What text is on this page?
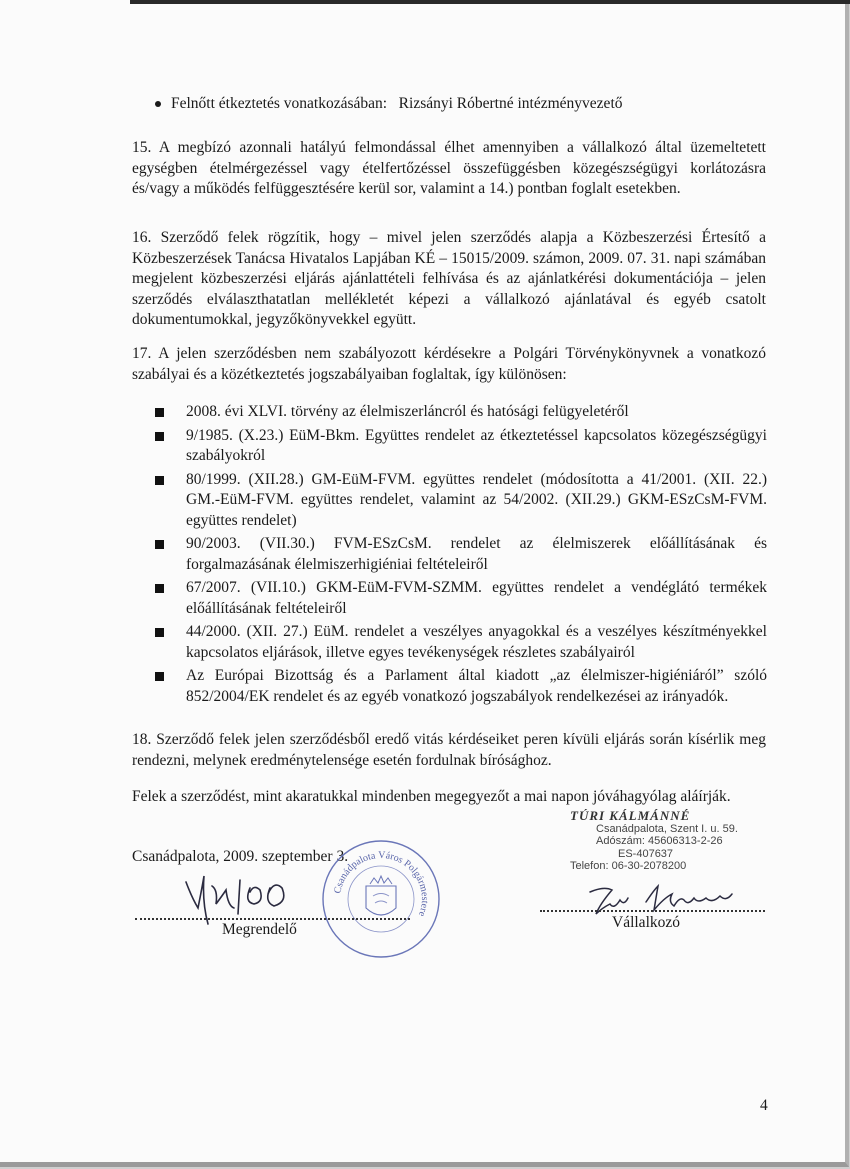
Felnőtt étkeztetés vonatkozásában:   Rizsányi Róbertné intézményvezető
15. A megbízó azonnali hatályú felmondással élhet amennyiben a vállalkozó által üzemeltetett egységben ételmérgezéssel vagy ételfertőzéssel összefüggésben közegészségügyi korlátozásra és/vagy a működés felfüggesztésére kerül sor, valamint a 14.) pontban foglalt esetekben.
16. Szerződő felek rögzítik, hogy – mivel jelen szerződés alapja a Közbeszerzési Értesítő a Közbeszerzések Tanácsa Hivatalos Lapjában KÉ – 15015/2009. számon, 2009. 07. 31. napi számában megjelent közbeszerzési eljárás ajánlattételi felhívása és az ajánlatkérési dokumentációja – jelen szerződés elválaszthatatlan mellékletét képezi a vállalkozó ajánlatával és egyéb csatolt dokumentumokkal, jegyzőkönyvekkel együtt.
17. A jelen szerződésben nem szabályozott kérdésekre a Polgári Törvénykönyvnek a vonatkozó szabályai és a közétkeztetés jogszabályaiban foglaltak, így különösen:
2008. évi XLVI. törvény az élelmiszerláncról és hatósági felügyeletéről
9/1985. (X.23.) EüM-Bkm. Együttes rendelet az étkeztetéssel kapcsolatos közegészségügyi szabályokról
80/1999. (XII.28.) GM-EüM-FVM. együttes rendelet (módosította a 41/2001. (XII. 22.) GM.-EüM-FVM. együttes rendelet, valamint az 54/2002. (XII.29.) GKM-ESzCsM-FVM. együttes rendelet)
90/2003. (VII.30.) FVM-ESzCsM. rendelet az élelmiszerek előállításának és forgalmazásának élelmiszerhigiéniai feltételeiről
67/2007. (VII.10.) GKM-EüM-FVM-SZMM. együttes rendelet a vendéglátó termékek előállításának feltételeiről
44/2000. (XII. 27.) EüM. rendelet a veszélyes anyagokkal és a veszélyes készítményekkel kapcsolatos eljárások, illetve egyes tevékenységek részletes szabályairól
Az Európai Bizottság és a Parlament által kiadott „az élelmiszer-higiéniáról” szóló 852/2004/EK rendelet és az egyéb vonatkozó jogszabályok rendelkezései az irányadók.
18. Szerződő felek jelen szerződésből eredő vitás kérdéseiket peren kívüli eljárás során kísérlik meg rendezni, melynek eredménytelensége esetén fordulnak bírósághoz.
Felek a szerződést, mint akaratukkal mindenben megegyezőt a mai napon jóváhagyólag aláírják.
Csanádpalota, 2009. szeptember 3.
Csanádpalota Város Polgármestere
TÚRI KÁLMÁNNÉ
Csanádpalota, Szent I. u. 59.
Adószám: 45606313-2-26
ES-407637
Telefon: 06-30-2078200
Megrendelő	Vállalkozó
4
